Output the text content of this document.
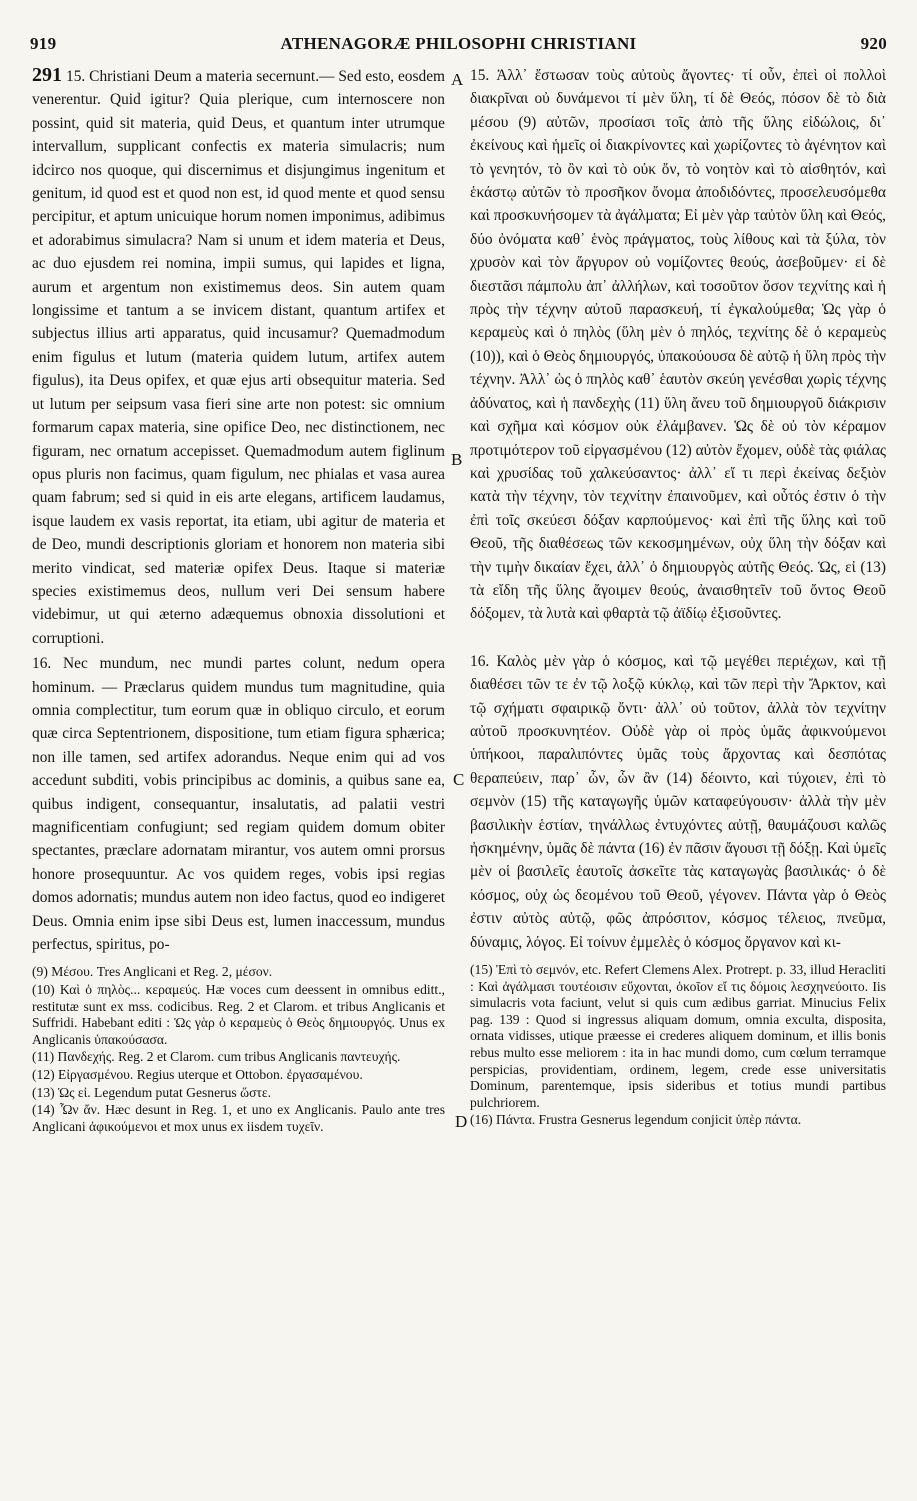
919	ATHENAGORÆ PHILOSOPHI CHRISTIANI	920

291 15. Christiani Deum a materia secernunt.— Sed esto, eosdem venerentur. Quid igitur? Quia plerique, cum internoscere non possint, quid sit materia, quid Deus, et quantum inter utrumque intervallum, supplicant confectis ex materia simulacris; num idcirco nos quoque, qui discernimus et disjungimus ingenitum et genitum, id quod est et quod non est, id quod mente et quod sensu percipitur, et aptum unicuique horum nomen imponimus, adibimus et adorabimus simulacra? Nam si unum et idem materia et Deus, ac duo ejusdem rei nomina, impii sumus, qui lapides et ligna, aurum et argentum non existimemus deos. Sin autem quam longissime et tantum a se invicem distant, quantum artifex et subjectus illius arti apparatus, quid incusamur? Quemadmodum enim figulus et lutum (materia quidem lutum, artifex autem figulus), ita Deus opifex, et quæ ejus arti obsequitur materia. Sed ut lutum per seipsum vasa fieri sine arte non potest: sic omnium formarum capax materia, sine opifice Deo, nec distinctionem, nec figuram, nec ornatum accepisset. Quemadmodum autem figlinum opus pluris non facimus, quam figulum, nec phialas et vasa aurea quam fabrum; sed si quid in eis arte elegans, artificem laudamus, isque laudem ex vasis reportat, ita etiam, ubi agitur de materia et de Deo, mundi descriptionis gloriam et honorem non materia sibi merito vindicat, sed materiæ opifex Deus. Itaque si materiæ species existimemus deos, nullum veri Dei sensum habere videbimur, ut qui æterno adæquemus obnoxia dissolutioni et corruptioni.

16. Nec mundum, nec mundi partes colunt, nedum opera hominum. — Præclarus quidem mundus tum magnitudine, quia omnia complectitur, tum eorum quæ in obliquo circulo, et eorum quæ circa Septentrionem, dispositione, tum etiam figura sphærica; non ille tamen, sed artifex adorandus. Neque enim qui ad vos accedunt subditi, vobis principibus ac dominis, a quibus sane ea, quibus indigent, consequantur, insalutatis, ad palatii vestri magnificentiam confugiunt; sed regiam quidem domum obiter spectantes, præclare adornatam mirantur, vos autem omni prorsus honore prosequuntur. Ac vos quidem reges, vobis ipsi regias domos adornatis; mundus autem non ideo factus, quod eo indigeret Deus. Omnia enim ipse sibi Deus est, lumen inaccessum, mundus perfectus, spiritus, po-

(9) Μέσου. Tres Anglicani et Reg. 2, μέσον.

(10) Καὶ ὁ πηλὸς... κεραμεύς. Hæ voces cum deessent in omnibus editt., restitutæ sunt ex mss. codicibus. Reg. 2 et Clarom. et tribus Anglicanis et Suffridi. Habebant editi : Ὡς γὰρ ὁ κεραμεὺς ὁ Θεὸς δημιουργός. Unus ex Anglicanis ὑπακούσασα.

(11) Πανδεχής. Reg. 2 et Clarom. cum tribus Anglicanis παντευχής.

(12) Εἰργασμένου. Regius uterque et Ottobon. ἐργασαμένου.

(13) Ὡς εἰ. Legendum putat Gesnerus ὥστε.

(14) Ὧν ἄν. Hæc desunt in Reg. 1, et uno ex Anglicanis. Paulo ante tres Anglicani ἀφικούμενοι et mox unus ex iisdem τυχεῖν.

A
B
C
D

15. Ἀλλ᾽ ἔστωσαν τοὺς αὐτοὺς ἄγοντες· τί οὖν, ἐπεὶ οἱ πολλοὶ διακρῖναι οὐ δυνάμενοι τί μὲν ὕλη, τί δὲ Θεός, πόσον δὲ τὸ διὰ μέσου (9) αὐτῶν, προσίασι τοῖς ἀπὸ τῆς ὕλης εἰδώλοις, δι᾽ ἐκείνους καὶ ἡμεῖς οἱ διακρίνοντες καὶ χωρίζοντες τὸ ἀγένητον καὶ τὸ γενητόν, τὸ ὂν καὶ τὸ οὐκ ὄν, τὸ νοητὸν καὶ τὸ αἰσθητόν, καὶ ἑκάστῳ αὐτῶν τὸ προσῆκον ὄνομα ἀποδιδόντες, προσελευσόμεθα καὶ προσκυνήσομεν τὰ ἀγάλματα; Εἰ μὲν γὰρ ταὐτὸν ὕλη καὶ Θεός, δύο ὀνόματα καθ᾽ ἑνὸς πράγματος, τοὺς λίθους καὶ τὰ ξύλα, τὸν χρυσὸν καὶ τὸν ἄργυρον οὐ νομίζοντες θεούς, ἀσεβοῦμεν· εἰ δὲ διεστᾶσι πάμπολυ ἀπ᾽ ἀλλήλων, καὶ τοσοῦτον ὅσον τεχνίτης καὶ ἡ πρὸς τὴν τέχνην αὐτοῦ παρασκευή, τί ἐγκαλούμεθα; Ὡς γὰρ ὁ κεραμεὺς καὶ ὁ πηλὸς (ὕλη μὲν ὁ πηλός, τεχνίτης δὲ ὁ κεραμεὺς (10)), καὶ ὁ Θεὸς δημιουργός, ὑπακούουσα δὲ αὐτῷ ἡ ὕλη πρὸς τὴν τέχνην. Ἀλλ᾽ ὡς ὁ πηλὸς καθ᾽ ἑαυτὸν σκεύη γενέσθαι χωρὶς τέχνης ἀδύνατος, καὶ ἡ πανδεχὴς (11) ὕλη ἄνευ τοῦ δημιουργοῦ διάκρισιν καὶ σχῆμα καὶ κόσμον οὐκ ἐλάμβανεν. Ὡς δὲ οὐ τὸν κέραμον προτιμότερον τοῦ εἰργασμένου (12) αὐτὸν ἔχομεν, οὐδὲ τὰς φιάλας καὶ χρυσίδας τοῦ χαλκεύσαντος· ἀλλ᾽ εἴ τι περὶ ἐκείνας δεξιὸν κατὰ τὴν τέχνην, τὸν τεχνίτην ἐπαινοῦμεν, καὶ οὗτός ἐστιν ὁ τὴν ἐπὶ τοῖς σκεύεσι δόξαν καρπούμενος· καὶ ἐπὶ τῆς ὕλης καὶ τοῦ Θεοῦ, τῆς διαθέσεως τῶν κεκοσμημένων, οὐχ ὕλη τὴν δόξαν καὶ τὴν τιμὴν δικαίαν ἔχει, ἀλλ᾽ ὁ δημιουργὸς αὐτῆς Θεός. Ὡς, εἰ (13) τὰ εἴδη τῆς ὕλης ἄγοιμεν θεούς, ἀναισθητεῖν τοῦ ὄντος Θεοῦ δόξομεν, τὰ λυτὰ καὶ φθαρτὰ τῷ ἀϊδίῳ ἐξισοῦντες.

16. Καλὸς μὲν γὰρ ὁ κόσμος, καὶ τῷ μεγέθει περιέχων, καὶ τῇ διαθέσει τῶν τε ἐν τῷ λοξῷ κύκλῳ, καὶ τῶν περὶ τὴν Ἄρκτον, καὶ τῷ σχήματι σφαιρικῷ ὄντι· ἀλλ᾽ οὐ τοῦτον, ἀλλὰ τὸν τεχνίτην αὐτοῦ προσκυνητέον. Οὐδὲ γὰρ οἱ πρὸς ὑμᾶς ἀφικνούμενοι ὑπήκοοι, παραλιπόντες ὑμᾶς τοὺς ἄρχοντας καὶ δεσπότας θεραπεύειν, παρ᾽ ὧν, ὧν ἂν (14) δέοιντο, καὶ τύχοιεν, ἐπὶ τὸ σεμνὸν (15) τῆς καταγωγῆς ὑμῶν καταφεύγουσιν· ἀλλὰ τὴν μὲν βασιλικὴν ἑστίαν, τηνάλλως ἐντυχόντες αὐτῇ, θαυμάζουσι καλῶς ἠσκημένην, ὑμᾶς δὲ πάντα (16) ἐν πᾶσιν ἄγουσι τῇ δόξῃ. Καὶ ὑμεῖς μὲν οἱ βασιλεῖς ἑαυτοῖς ἀσκεῖτε τὰς καταγωγὰς βασιλικάς· ὁ δὲ κόσμος, οὐχ ὡς δεομένου τοῦ Θεοῦ, γέγονεν. Πάντα γὰρ ὁ Θεὸς ἐστιν αὐτὸς αὐτῷ, φῶς ἀπρόσιτον, κόσμος τέλειος, πνεῦμα, δύναμις, λόγος. Εἰ τοίνυν ἐμμελὲς ὁ κόσμος ὄργανον καὶ κι-

(15) Ἐπὶ τὸ σεμνόν, etc. Refert Clemens Alex. Protrept. p. 33, illud Heracliti : Καὶ ἀγάλμασι τουτέοισιν εὔχονται, ὁκοῖον εἴ τις δόμοις λεσχηνεύοιτο. Iis simulacris vota faciunt, velut si quis cum ædibus garriat. Minucius Felix pag. 139 : Quod si ingressus aliquam domum, omnia exculta, disposita, ornata vidisses, utique præesse ei crederes aliquem dominum, et illis bonis rebus multo esse meliorem : ita in hac mundi domo, cum cœlum terramque perspicias, providentiam, ordinem, legem, crede esse universitatis Dominum, parentemque, ipsis sideribus et totius mundi partibus pulchriorem.

(16) Πάντα. Frustra Gesnerus legendum conjicit ὑπὲρ πάντα.
